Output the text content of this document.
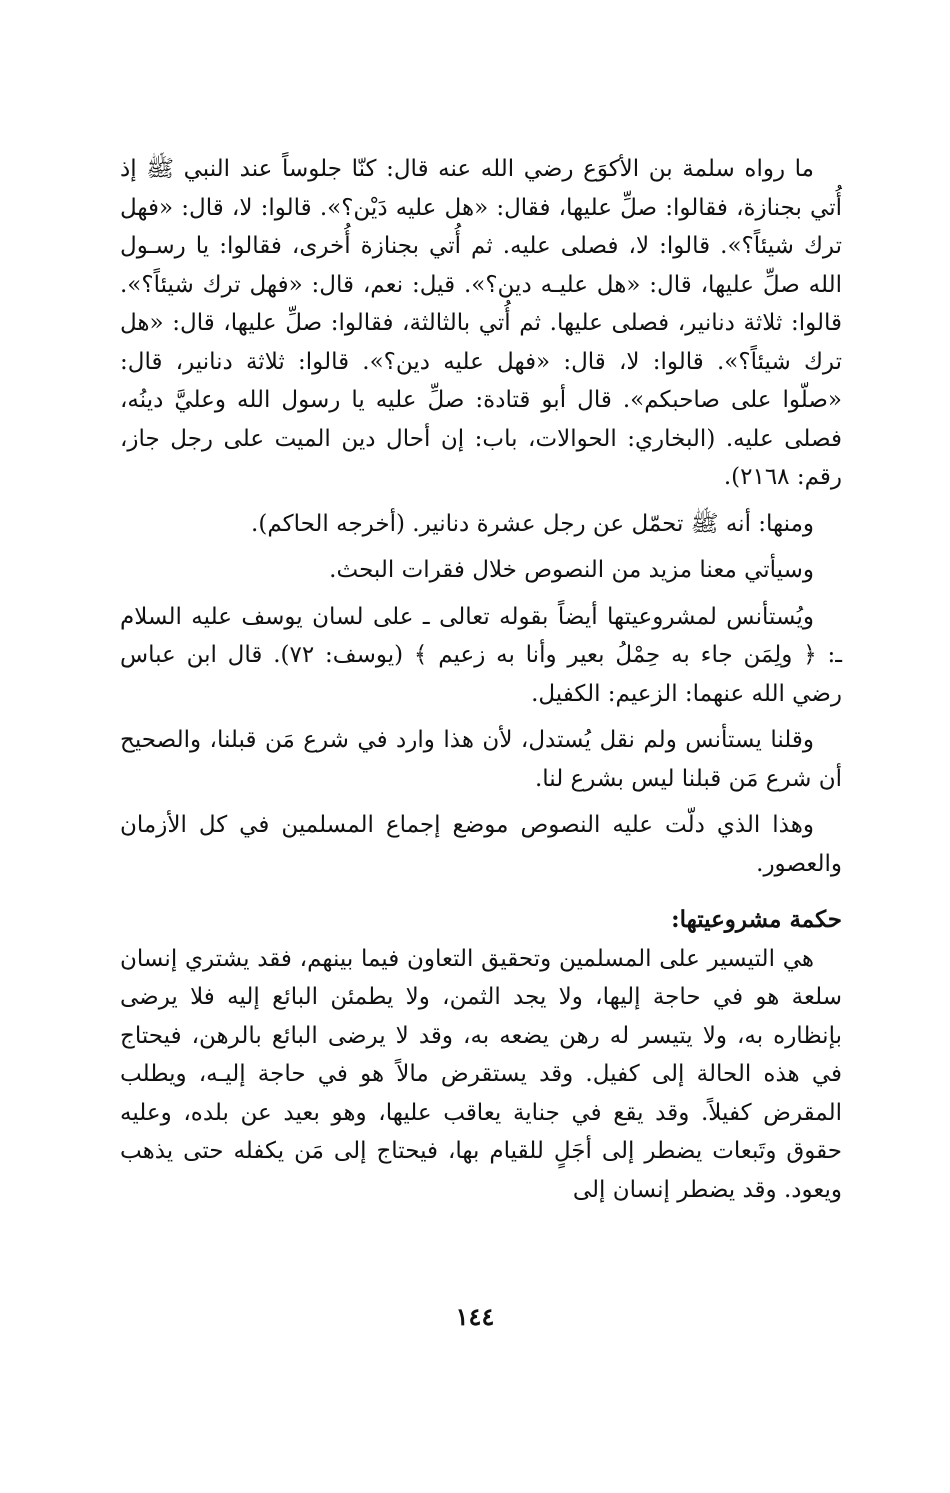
ما رواه سلمة بن الأكوَع رضي الله عنه قال: كنّا جلوساً عند النبي ﷺ إذ أُتي بجنازة، فقالوا: صلِّ عليها، فقال: «هل عليه دَيْن؟». قالوا: لا، قال: «فهل ترك شيئاً؟». قالوا: لا، فصلى عليه. ثم أُتي بجنازة أُخرى، فقالوا: يا رسـول الله صلِّ عليها، قال: «هل عليـه دين؟». قيل: نعم، قال: «فهل ترك شيئاً؟». قالوا: ثلاثة دنانير، فصلى عليها. ثم أُتي بالثالثة، فقالوا: صلِّ عليها، قال: «هل ترك شيئاً؟». قالوا: لا، قال: «فهل عليه دين؟». قالوا: ثلاثة دنانير، قال: «صلّوا على صاحبكم». قال أبو قتادة: صلِّ عليه يا رسول الله وعليَّ دينُه، فصلى عليه. (البخاري: الحوالات، باب: إن أحال دين الميت على رجل جاز، رقم: ٢١٦٨).

ومنها: أنه ﷺ تحمّل عن رجل عشرة دنانير. (أخرجه الحاكم).

وسيأتي معنا مزيد من النصوص خلال فقرات البحث.

ويُستأنس لمشروعيتها أيضاً بقوله تعالى ـ على لسان يوسف عليه السلام ـ: ﴿ ولِمَن جاء به حِمْلُ بعير وأنا به زعيم ﴾ (يوسف: ٧٢). قال ابن عباس رضي الله عنهما: الزعيم: الكفيل.

وقلنا يستأنس ولم نقل يُستدل، لأن هذا وارد في شرع مَن قبلنا، والصحيح أن شرع مَن قبلنا ليس بشرع لنا.

وهذا الذي دلّت عليه النصوص موضع إجماع المسلمين في كل الأزمان والعصور.

حكمة مشروعيتها:

هي التيسير على المسلمين وتحقيق التعاون فيما بينهم، فقد يشتري إنسان سلعة هو في حاجة إليها، ولا يجد الثمن، ولا يطمئن البائع إليه فلا يرضى بإنظاره به، ولا يتيسر له رهن يضعه به، وقد لا يرضى البائع بالرهن، فيحتاج في هذه الحالة إلى كفيل. وقد يستقرض مالاً هو في حاجة إليـه، ويطلب المقرض كفيلاً. وقد يقع في جناية يعاقب عليها، وهو بعيد عن بلده، وعليه حقوق وتَبعات يضطر إلى أجَلٍ للقيام بها، فيحتاج إلى مَن يكفله حتى يذهب ويعود. وقد يضطر إنسان إلى

١٤٤
